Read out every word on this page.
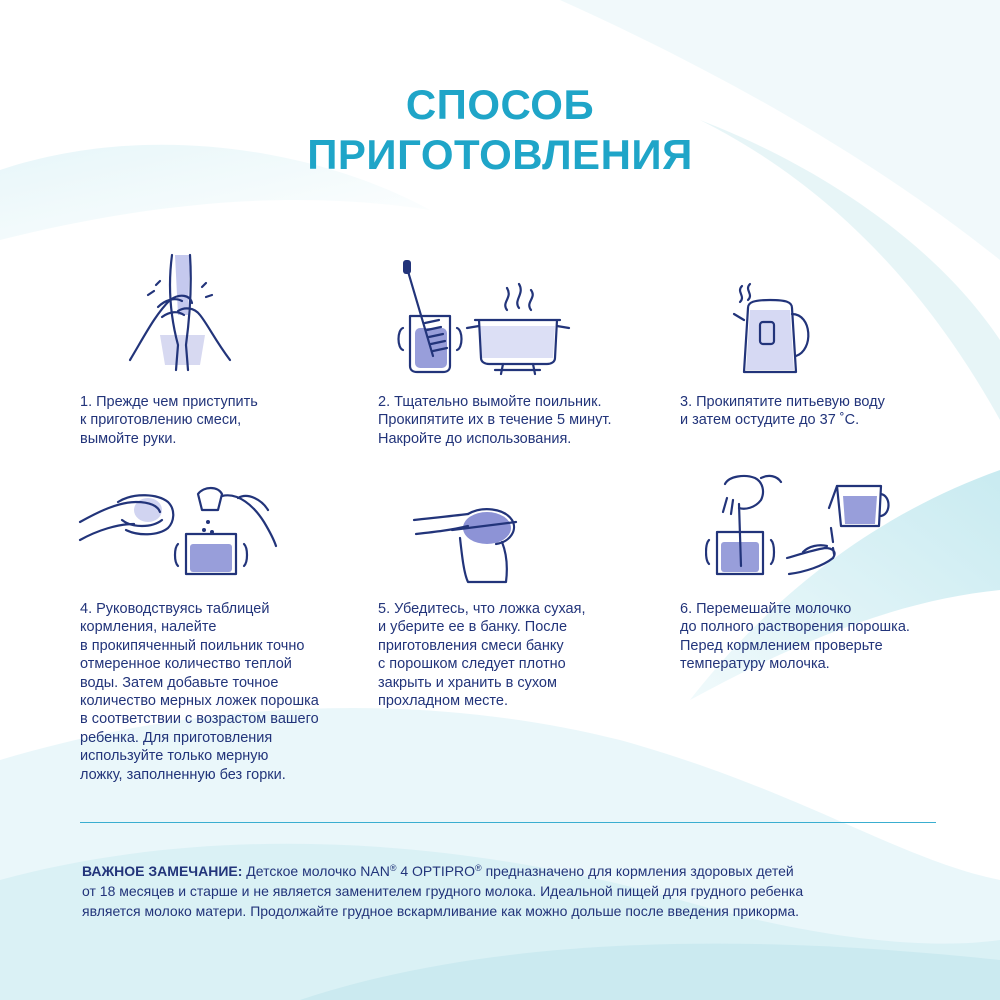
СПОСОБ
ПРИГОТОВЛЕНИЯ
1. Прежде чем приступить
к приготовлению смеси,
вымойте руки.
2. Тщательно вымойте поильник.
Прокипятите их в течение 5 минут.
Накройте до использования.
3. Прокипятите питьевую воду
и затем остудите до 37 ˚С.
4. Руководствуясь таблицей
кормления, налейте
в прокипяченный поильник точно
отмеренное количество теплой
воды. Затем добавьте точное
количество мерных ложек порошка
в соответствии с возрастом вашего
ребенка. Для приготовления
используйте только мерную
ложку, заполненную без горки.
5. Убедитесь, что ложка сухая,
и уберите ее в банку. После
приготовления смеси банку
с порошком следует плотно
закрыть и хранить в сухом
прохладном месте.
6. Перемешайте молочко
до полного растворения порошка.
Перед кормлением проверьте
температуру молочка.
ВАЖНОЕ ЗАМЕЧАНИЕ: Детское молочко NAN® 4 OPTIPRO® предназначено для кормления здоровых детей
от 18 месяцев и старше и не является заменителем грудного молока. Идеальной пищей для грудного ребенка
является молоко матери. Продолжайте грудное вскармливание как можно дольше после введения прикорма.
